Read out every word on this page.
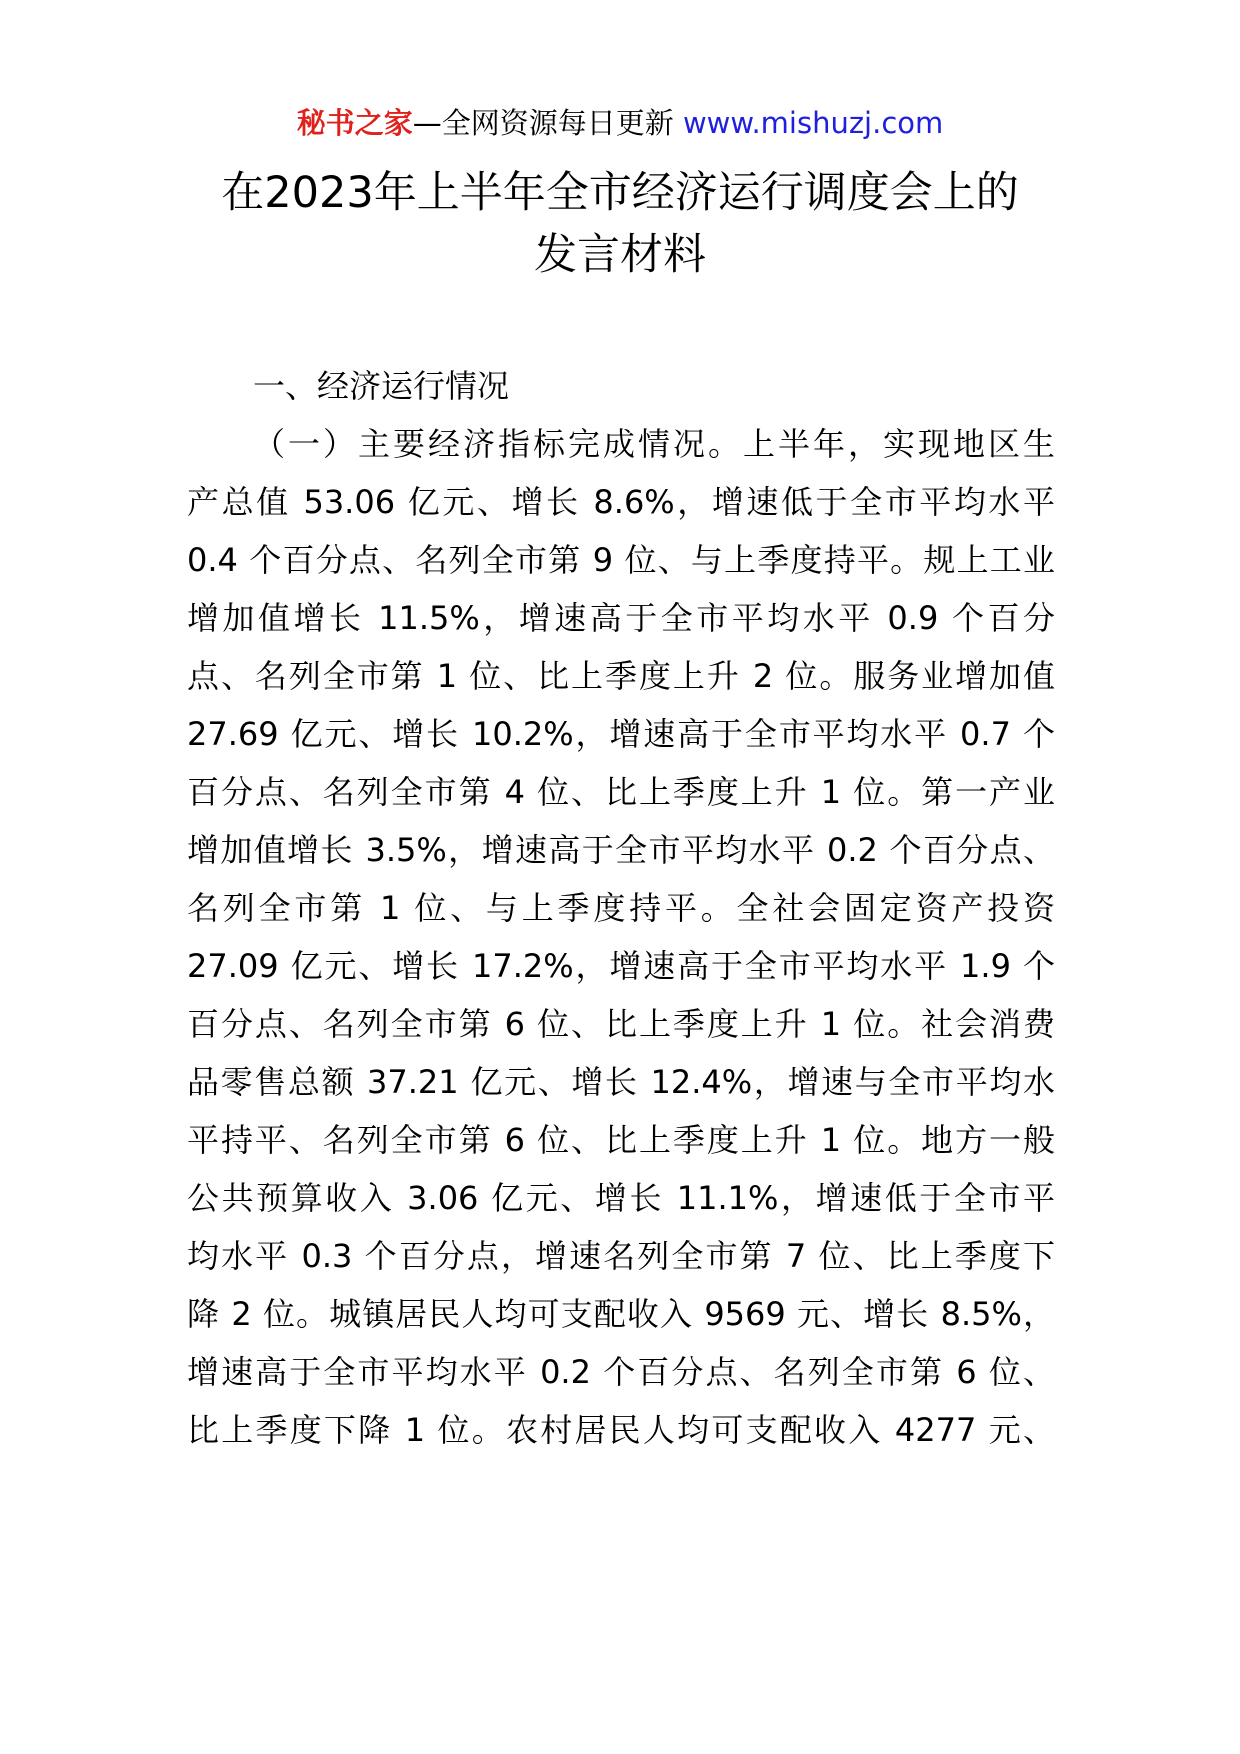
秘书之家—全网资源每日更新 www.mishuzj.com
在2023年上半年全市经济运行调度会上的
发言材料
一、经济运行情况
（一）主要经济指标完成情况。上半年，实现地区生
产总值 53.06 亿元、增长 8.6%，增速低于全市平均水平
0.4 个百分点、名列全市第 9 位、与上季度持平。规上工业
增加值增长 11.5%，增速高于全市平均水平 0.9 个百分
点、名列全市第 1 位、比上季度上升 2 位。服务业增加值
27.69 亿元、增长 10.2%，增速高于全市平均水平 0.7 个
百分点、名列全市第 4 位、比上季度上升 1 位。第一产业
增加值增长 3.5%，增速高于全市平均水平 0.2 个百分点、
名列全市第 1 位、与上季度持平。全社会固定资产投资
27.09 亿元、增长 17.2%，增速高于全市平均水平 1.9 个
百分点、名列全市第 6 位、比上季度上升 1 位。社会消费
品零售总额 37.21 亿元、增长 12.4%，增速与全市平均水
平持平、名列全市第 6 位、比上季度上升 1 位。地方一般
公共预算收入 3.06 亿元、增长 11.1%，增速低于全市平
均水平 0.3 个百分点，增速名列全市第 7 位、比上季度下
降 2 位。城镇居民人均可支配收入 9569 元、增长 8.5%，
增速高于全市平均水平 0.2 个百分点、名列全市第 6 位、
比上季度下降 1 位。农村居民人均可支配收入 4277 元、
